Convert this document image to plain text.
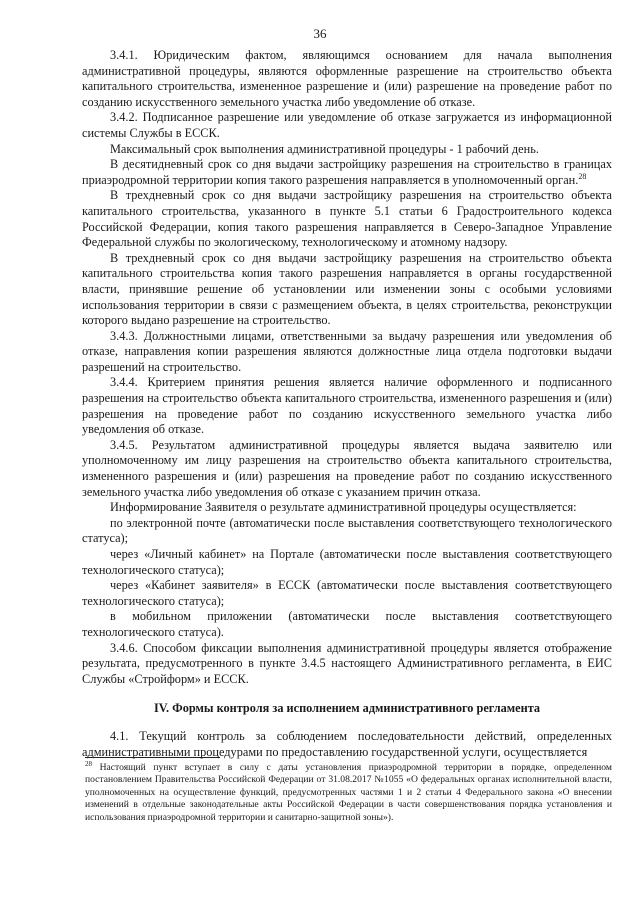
36

3.4.1. Юридическим фактом, являющимся основанием для начала выполнения административной процедуры, являются оформленные разрешение на строительство объекта капитального строительства, измененное разрешение и (или) разрешение на проведение работ по созданию искусственного земельного участка либо уведомление об отказе.

3.4.2. Подписанное разрешение или уведомление об отказе загружается из информационной системы Службы в ЕССК.

Максимальный срок выполнения административной процедуры - 1 рабочий день.

В десятидневный срок со дня выдачи застройщику разрешения на строительство в границах приаэродромной территории копия такого разрешения направляется в уполномоченный орган.$^{28}$

В трехдневный срок со дня выдачи застройщику разрешения на строительство объекта капитального строительства, указанного в пункте 5.1 статьи 6 Градостроительного кодекса Российской Федерации, копия такого разрешения направляется в Северо-Западное Управление Федеральной службы по экологическому, технологическому и атомному надзору.

В трехдневный срок со дня выдачи застройщику разрешения на строительство объекта капитального строительства копия такого разрешения направляется в органы государственной власти, принявшие решение об установлении или изменении зоны с особыми условиями использования территории в связи с размещением объекта, в целях строительства, реконструкции которого выдано разрешение на строительство.

3.4.3. Должностными лицами, ответственными за выдачу разрешения или уведомления об отказе, направления копии разрешения являются должностные лица отдела подготовки выдачи разрешений на строительство.

3.4.4. Критерием принятия решения является наличие оформленного и подписанного разрешения на строительство объекта капитального строительства, измененного разрешения и (или) разрешения на проведение работ по созданию искусственного земельного участка либо уведомления об отказе.

3.4.5. Результатом административной процедуры является выдача заявителю или уполномоченному им лицу разрешения на строительство объекта капитального строительства, измененного разрешения и (или) разрешения на проведение работ по созданию искусственного земельного участка либо уведомления об отказе с указанием причин отказа.

Информирование Заявителя о результате административной процедуры осуществляется:

по электронной почте (автоматически после выставления соответствующего технологического статуса);

через «Личный кабинет» на Портале (автоматически после выставления соответствующего технологического статуса);

через «Кабинет заявителя» в ЕССК (автоматически после выставления соответствующего технологического статуса);

в мобильном приложении (автоматически после выставления соответствующего технологического статуса).

3.4.6. Способом фиксации выполнения административной процедуры является отображение результата, предусмотренного в пункте 3.4.5 настоящего Административного регламента, в ЕИС Службы «Стройформ» и ЕССК.

IV. Формы контроля за исполнением административного регламента

4.1. Текущий контроль за соблюдением последовательности действий, определенных административными процедурами по предоставлению государственной услуги, осуществляется

$^{28}$ Настоящий пункт вступает в силу с даты установления приаэродромной территории в порядке, определенном постановлением Правительства Российской Федерации от 31.08.2017 №1055 «О федеральных органах исполнительной власти, уполномоченных на осуществление функций, предусмотренных частями 1 и 2 статьи 4 Федерального закона «О внесении изменений в отдельные законодательные акты Российской Федерации в части совершенствования порядка установления и использования приаэродромной территории и санитарно-защитной зоны»).
